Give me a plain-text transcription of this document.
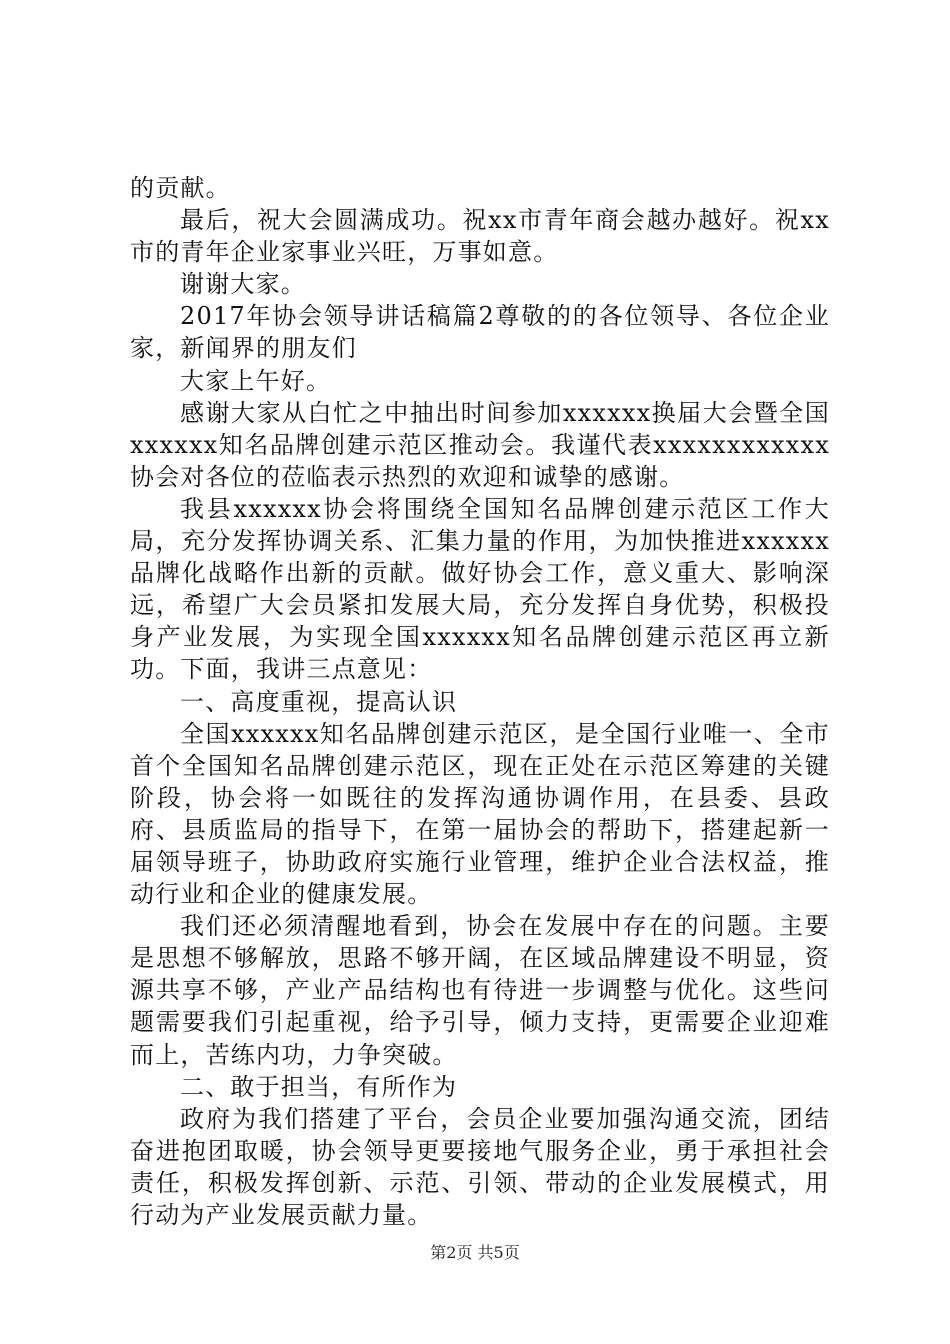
的贡献。

最后，祝大会圆满成功。祝xx市青年商会越办越好。祝xx市的青年企业家事业兴旺，万事如意。

谢谢大家。

2017年协会领导讲话稿篇2尊敬的的各位领导、各位企业家，新闻界的朋友们

大家上午好。

感谢大家从白忙之中抽出时间参加xxxxxx换届大会暨全国xxxxxx知名品牌创建示范区推动会。我谨代表xxxxxxxxxxxx协会对各位的莅临表示热烈的欢迎和诚挚的感谢。

我县xxxxxx协会将围绕全国知名品牌创建示范区工作大局，充分发挥协调关系、汇集力量的作用，为加快推进xxxxxx品牌化战略作出新的贡献。做好协会工作，意义重大、影响深远，希望广大会员紧扣发展大局，充分发挥自身优势，积极投身产业发展，为实现全国xxxxxx知名品牌创建示范区再立新功。下面，我讲三点意见：

一、高度重视，提高认识

全国xxxxxx知名品牌创建示范区，是全国行业唯一、全市首个全国知名品牌创建示范区，现在正处在示范区筹建的关键阶段，协会将一如既往的发挥沟通协调作用，在县委、县政府、县质监局的指导下，在第一届协会的帮助下，搭建起新一届领导班子，协助政府实施行业管理，维护企业合法权益，推动行业和企业的健康发展。

我们还必须清醒地看到，协会在发展中存在的问题。主要是思想不够解放，思路不够开阔，在区域品牌建设不明显，资源共享不够，产业产品结构也有待进一步调整与优化。这些问题需要我们引起重视，给予引导，倾力支持，更需要企业迎难而上，苦练内功，力争突破。

二、敢于担当，有所作为

政府为我们搭建了平台，会员企业要加强沟通交流，团结奋进抱团取暖，协会领导更要接地气服务企业，勇于承担社会责任，积极发挥创新、示范、引领、带动的企业发展模式，用行动为产业发展贡献力量。

第2页 共5页
